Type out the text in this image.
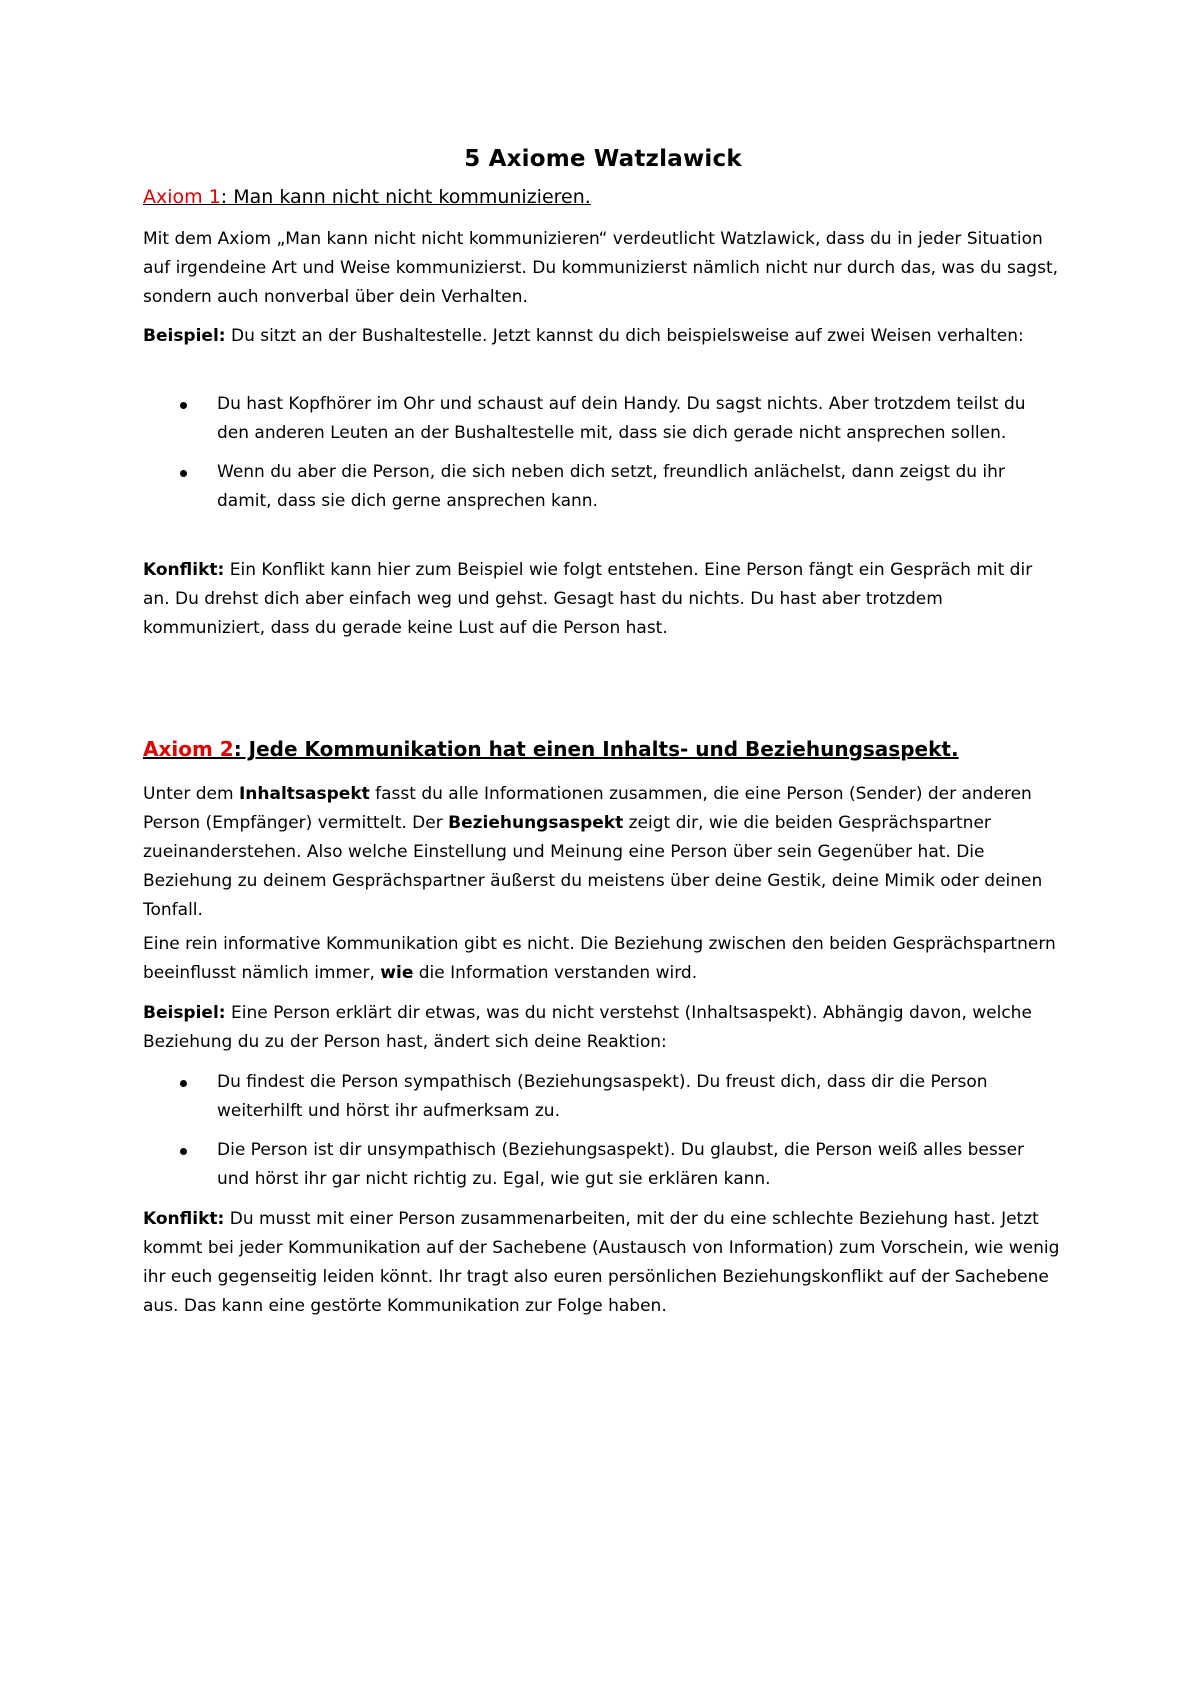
5 Axiome Watzlawick

Axiom 1: Man kann nicht nicht kommunizieren.

Mit dem Axiom „Man kann nicht nicht kommunizieren“ verdeutlicht Watzlawick, dass du in jeder Situation auf irgendeine Art und Weise kommunizierst. Du kommunizierst nämlich nicht nur durch das, was du sagst, sondern auch nonverbal über dein Verhalten.

Beispiel: Du sitzt an der Bushaltestelle. Jetzt kannst du dich beispielsweise auf zwei Weisen verhalten:

Du hast Kopfhörer im Ohr und schaust auf dein Handy. Du sagst nichts. Aber trotzdem teilst du den anderen Leuten an der Bushaltestelle mit, dass sie dich gerade nicht ansprechen sollen.
Wenn du aber die Person, die sich neben dich setzt, freundlich anlächelst, dann zeigst du ihr damit, dass sie dich gerne ansprechen kann.

Konflikt: Ein Konflikt kann hier zum Beispiel wie folgt entstehen. Eine Person fängt ein Gespräch mit dir an. Du drehst dich aber einfach weg und gehst. Gesagt hast du nichts. Du hast aber trotzdem kommuniziert, dass du gerade keine Lust auf die Person hast.

Axiom 2: Jede Kommunikation hat einen Inhalts- und Beziehungsaspekt.

Unter dem Inhaltsaspekt fasst du alle Informationen zusammen, die eine Person (Sender) der anderen Person (Empfänger) vermittelt. Der Beziehungsaspekt zeigt dir, wie die beiden Gesprächspartner zueinanderstehen. Also welche Einstellung und Meinung eine Person über sein Gegenüber hat. Die Beziehung zu deinem Gesprächspartner äußerst du meistens über deine Gestik, deine Mimik oder deinen Tonfall.

Eine rein informative Kommunikation gibt es nicht. Die Beziehung zwischen den beiden Gesprächspartnern beeinflusst nämlich immer, wie die Information verstanden wird.

Beispiel: Eine Person erklärt dir etwas, was du nicht verstehst (Inhaltsaspekt). Abhängig davon, welche Beziehung du zu der Person hast, ändert sich deine Reaktion:

Du findest die Person sympathisch (Beziehungsaspekt). Du freust dich, dass dir die Person weiterhilft und hörst ihr aufmerksam zu.
Die Person ist dir unsympathisch (Beziehungsaspekt). Du glaubst, die Person weiß alles besser und hörst ihr gar nicht richtig zu. Egal, wie gut sie erklären kann.

Konflikt: Du musst mit einer Person zusammenarbeiten, mit der du eine schlechte Beziehung hast. Jetzt kommt bei jeder Kommunikation auf der Sachebene (Austausch von Information) zum Vorschein, wie wenig ihr euch gegenseitig leiden könnt. Ihr tragt also euren persönlichen Beziehungskonflikt auf der Sachebene aus. Das kann eine gestörte Kommunikation zur Folge haben.
